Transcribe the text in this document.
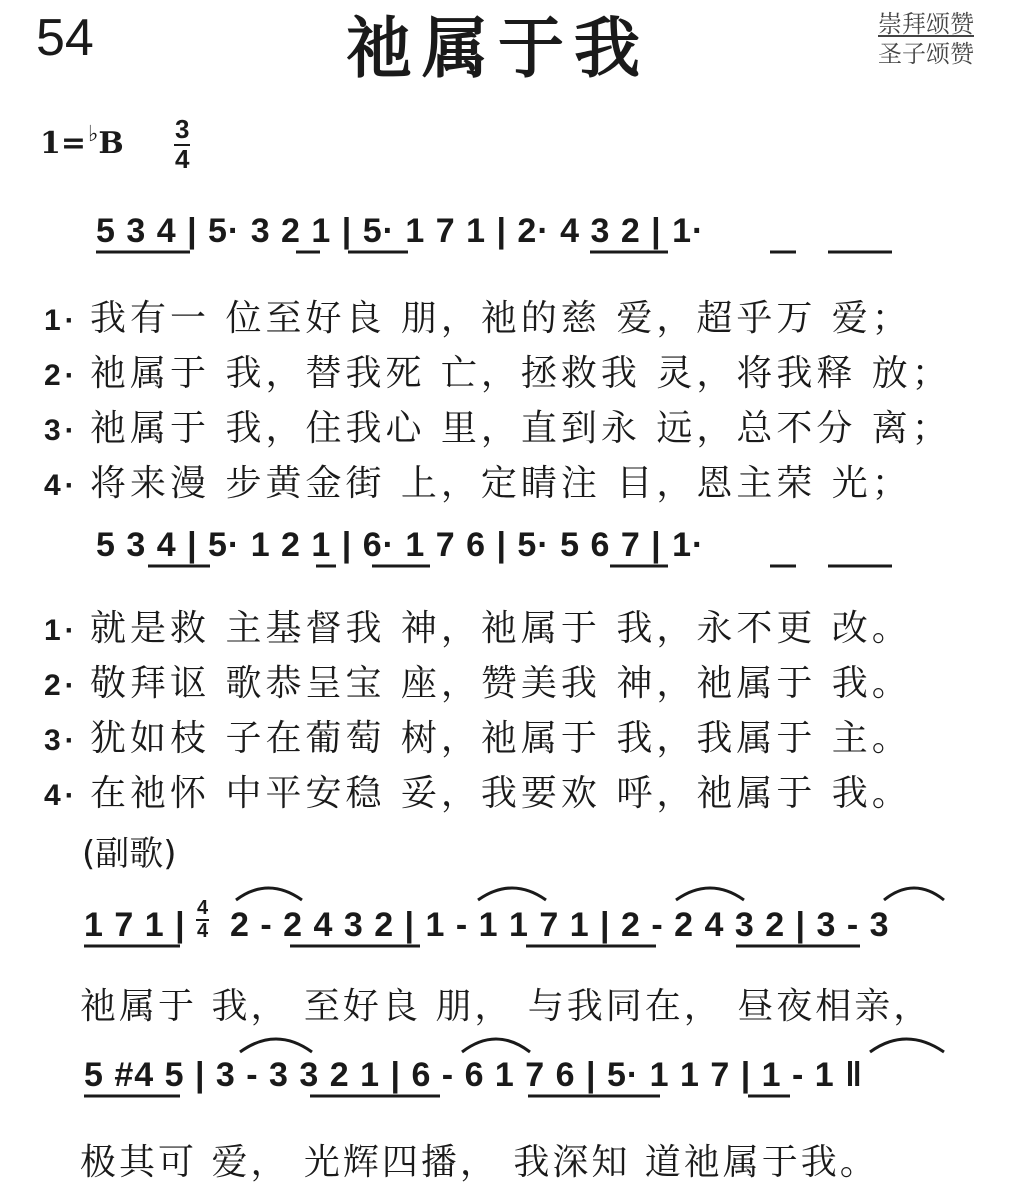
54	祂属于我	崇拜颂赞
圣子颂赞
1=♭B 3
4
5 3 4 | 5· 3 2 1 | 5· 1 7 1 | 2· 4 3 2 | 1·
1· 我有一 位至好良 朋，祂的慈 爱，超乎万 爱；
2· 祂属于 我，替我死 亡，拯救我 灵，将我释 放；
3· 祂属于 我，住我心 里，直到永 远，总不分 离；
4· 将来漫 步黄金街 上，定睛注 目，恩主荣 光；
5 3 4 | 5· 1 2 1 | 6· 1 7 6 | 5· 5 6 7 | 1·
1· 就是救 主基督我 神，祂属于 我，永不更 改。
2· 敬拜讴 歌恭呈宝 座，赞美我 神，祂属于 我。
3· 犹如枝 子在葡萄 树，祂属于 我，我属于 主。
4· 在祂怀 中平安稳 妥，我要欢 呼，祂属于 我。
(副歌)
1 7 1 | 4
4 2 - 2 4 3 2 | 1 - 1 1 7 1 | 2 - 2 4 3 2 | 3 - 3
祂属于 我， 至好良 朋， 与我同在， 昼夜相亲，
5 #4 5 | 3 - 3 3 2 1 | 6 - 6 1 7 6 | 5· 1 1 7 | 1 - 1 ‖
极其可 爱， 光辉四播， 我深知 道祂属于我。
